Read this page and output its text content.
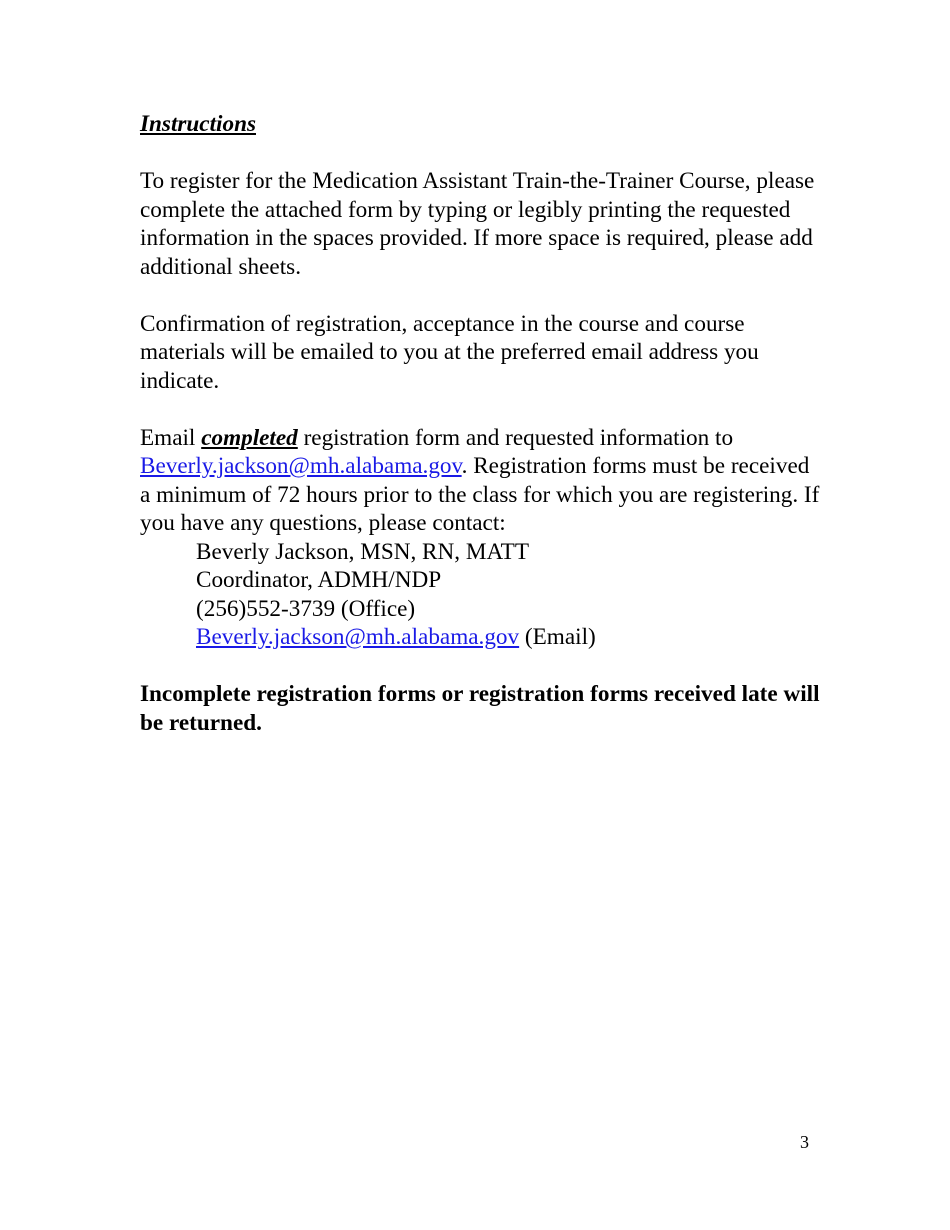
Instructions

To register for the Medication Assistant Train-the-Trainer Course, please complete the attached form by typing or legibly printing the requested information in the spaces provided. If more space is required, please add additional sheets.

Confirmation of registration, acceptance in the course and course materials will be emailed to you at the preferred email address you indicate.

Email completed registration form and requested information to Beverly.jackson@mh.alabama.gov. Registration forms must be received a minimum of 72 hours prior to the class for which you are registering. If you have any questions, please contact:
Beverly Jackson, MSN, RN, MATT
Coordinator, ADMH/NDP
(256)552-3739 (Office)
Beverly.jackson@mh.alabama.gov (Email)

Incomplete registration forms or registration forms received late will be returned.

3
